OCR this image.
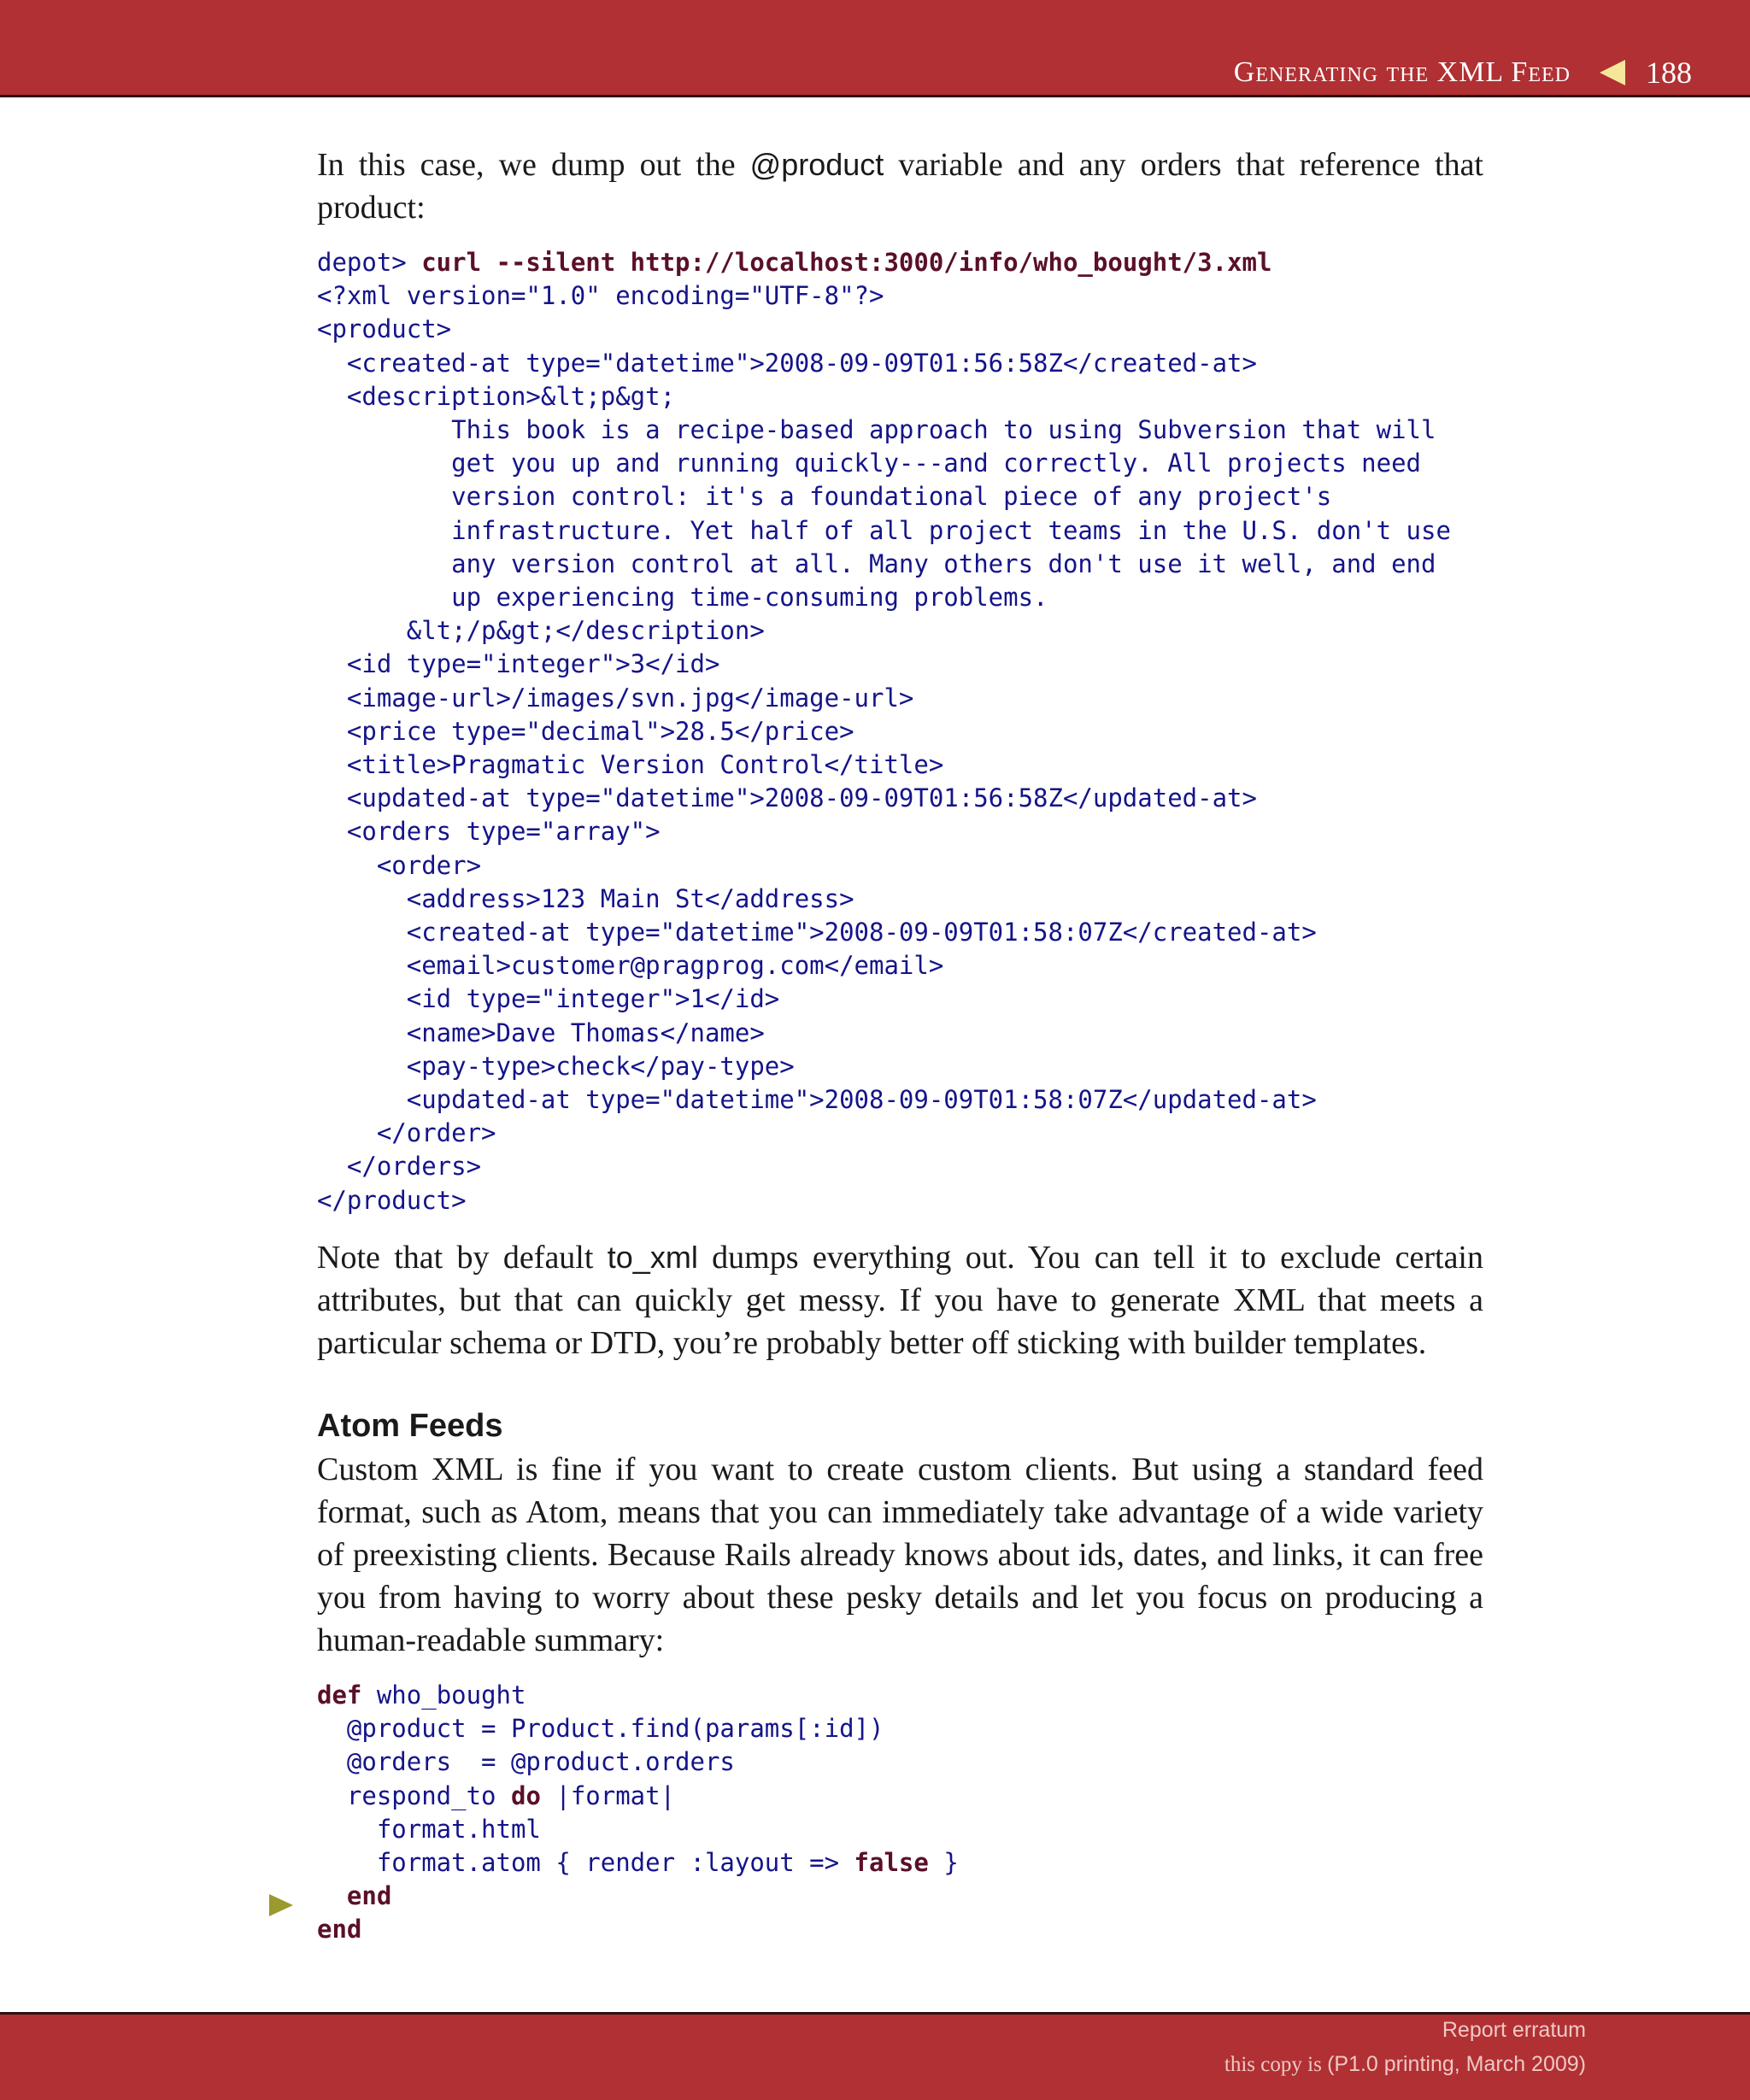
Generating the XML Feed 188

In this case, we dump out the @product variable and any orders that reference that product:

depot> curl --silent http://localhost:3000/info/who_bought/3.xml
<?xml version="1.0" encoding="UTF-8"?>
<product>
<created-at type="datetime">2008-09-09T01:56:58Z</created-at>
<description>&lt;p&gt;
This book is a recipe-based approach to using Subversion that will
get you up and running quickly---and correctly. All projects need
version control: it's a foundational piece of any project's
infrastructure. Yet half of all project teams in the U.S. don't use
any version control at all. Many others don't use it well, and end
up experiencing time-consuming problems.
&lt;/p&gt;</description>
<id type="integer">3</id>
<image-url>/images/svn.jpg</image-url>
<price type="decimal">28.5</price>
<title>Pragmatic Version Control</title>
<updated-at type="datetime">2008-09-09T01:56:58Z</updated-at>
<orders type="array">
<order>
<address>123 Main St</address>
<created-at type="datetime">2008-09-09T01:58:07Z</created-at>
<email>customer@pragprog.com</email>
<id type="integer">1</id>
<name>Dave Thomas</name>
<pay-type>check</pay-type>
<updated-at type="datetime">2008-09-09T01:58:07Z</updated-at>
</order>
</orders>
</product>

Note that by default to_xml dumps everything out. You can tell it to exclude certain attributes, but that can quickly get messy. If you have to generate XML that meets a particular schema or DTD, you’re probably better off sticking with builder templates.

Atom Feeds

Custom XML is fine if you want to create custom clients. But using a standard feed format, such as Atom, means that you can immediately take advantage of a wide variety of preexisting clients. Because Rails already knows about ids, dates, and links, it can free you from having to worry about these pesky details and let you focus on producing a human-readable summary:

def who_bought
@product = Product.find(params[:id])
@orders  = @product.orders
respond_to do |format|
format.html
format.atom { render :layout => false }
end
end
Report erratum
this copy is (P1.0 printing, March 2009)
